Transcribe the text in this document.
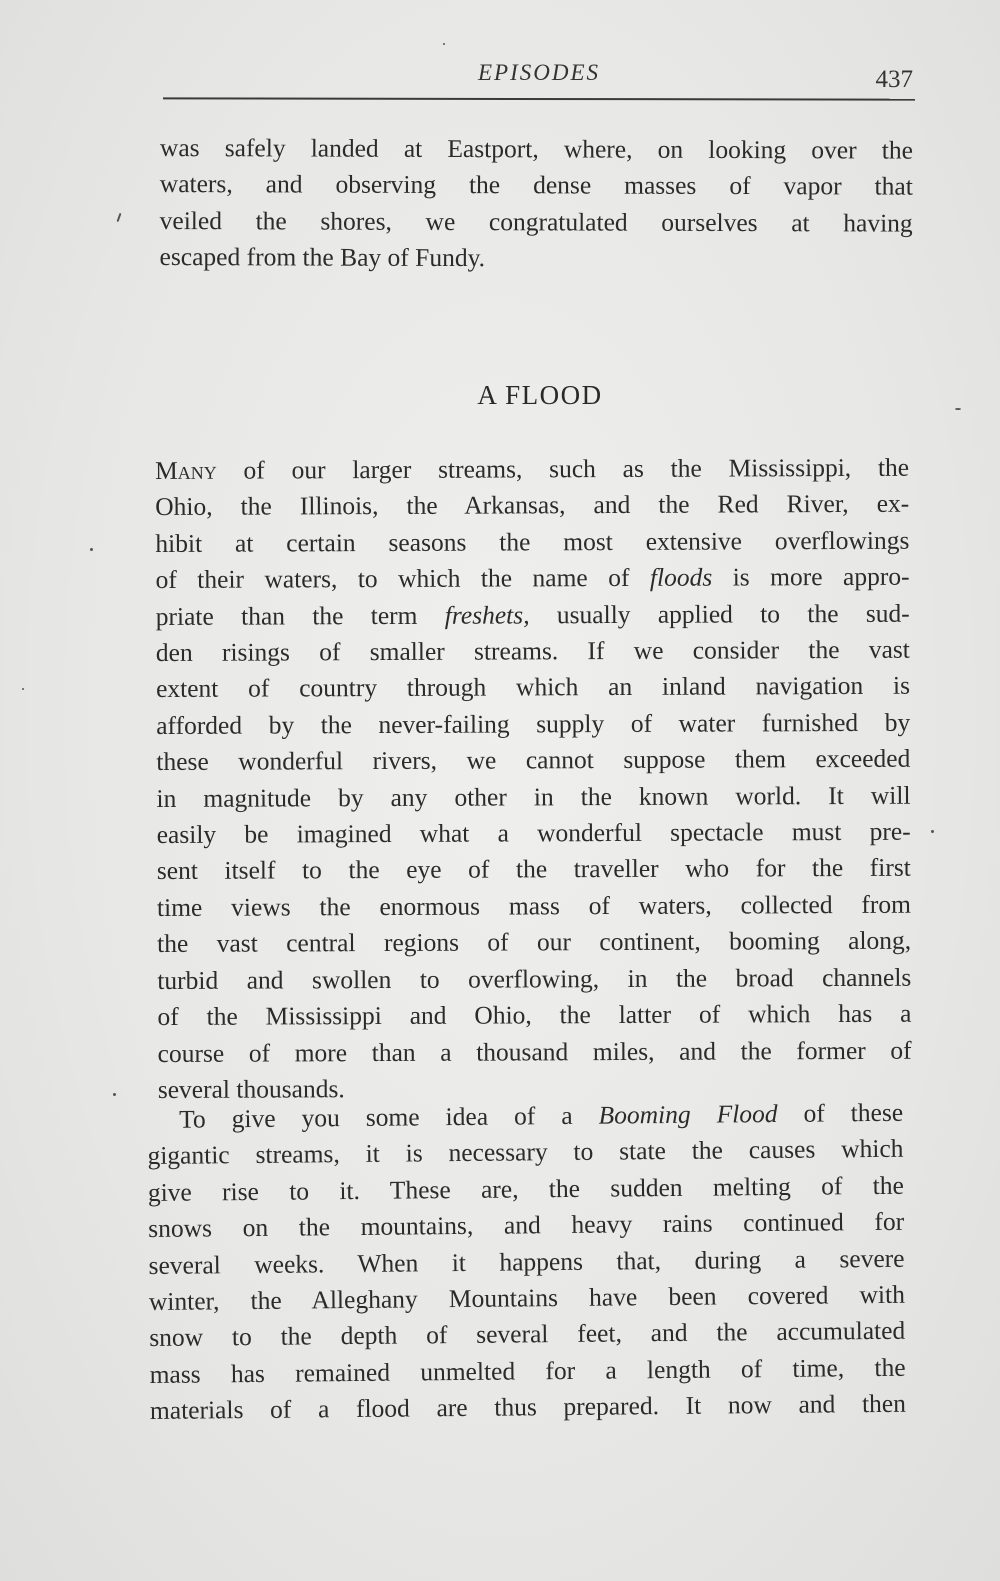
EPISODES	437
was safely landed at Eastport, where, on looking over the
waters, and observing the dense masses of vapor that
veiled the shores, we congratulated ourselves at having
escaped from the Bay of Fundy.
A FLOOD
Many of our larger streams, such as the Mississippi, the
Ohio, the Illinois, the Arkansas, and the Red River, ex-
hibit at certain seasons the most extensive overflowings
of their waters, to which the name of floods is more appro-
priate than the term freshets, usually applied to the sud-
den risings of smaller streams. If we consider the vast
extent of country through which an inland navigation is
afforded by the never-failing supply of water furnished by
these wonderful rivers, we cannot suppose them exceeded
in magnitude by any other in the known world. It will
easily be imagined what a wonderful spectacle must pre-
sent itself to the eye of the traveller who for the first
time views the enormous mass of waters, collected from
the vast central regions of our continent, booming along,
turbid and swollen to overflowing, in the broad channels
of the Mississippi and Ohio, the latter of which has a
course of more than a thousand miles, and the former of
several thousands.
To give you some idea of a Booming Flood of these
gigantic streams, it is necessary to state the causes which
give rise to it. These are, the sudden melting of the
snows on the mountains, and heavy rains continued for
several weeks. When it happens that, during a severe
winter, the Alleghany Mountains have been covered with
snow to the depth of several feet, and the accumulated
mass has remained unmelted for a length of time, the
materials of a flood are thus prepared. It now and then
